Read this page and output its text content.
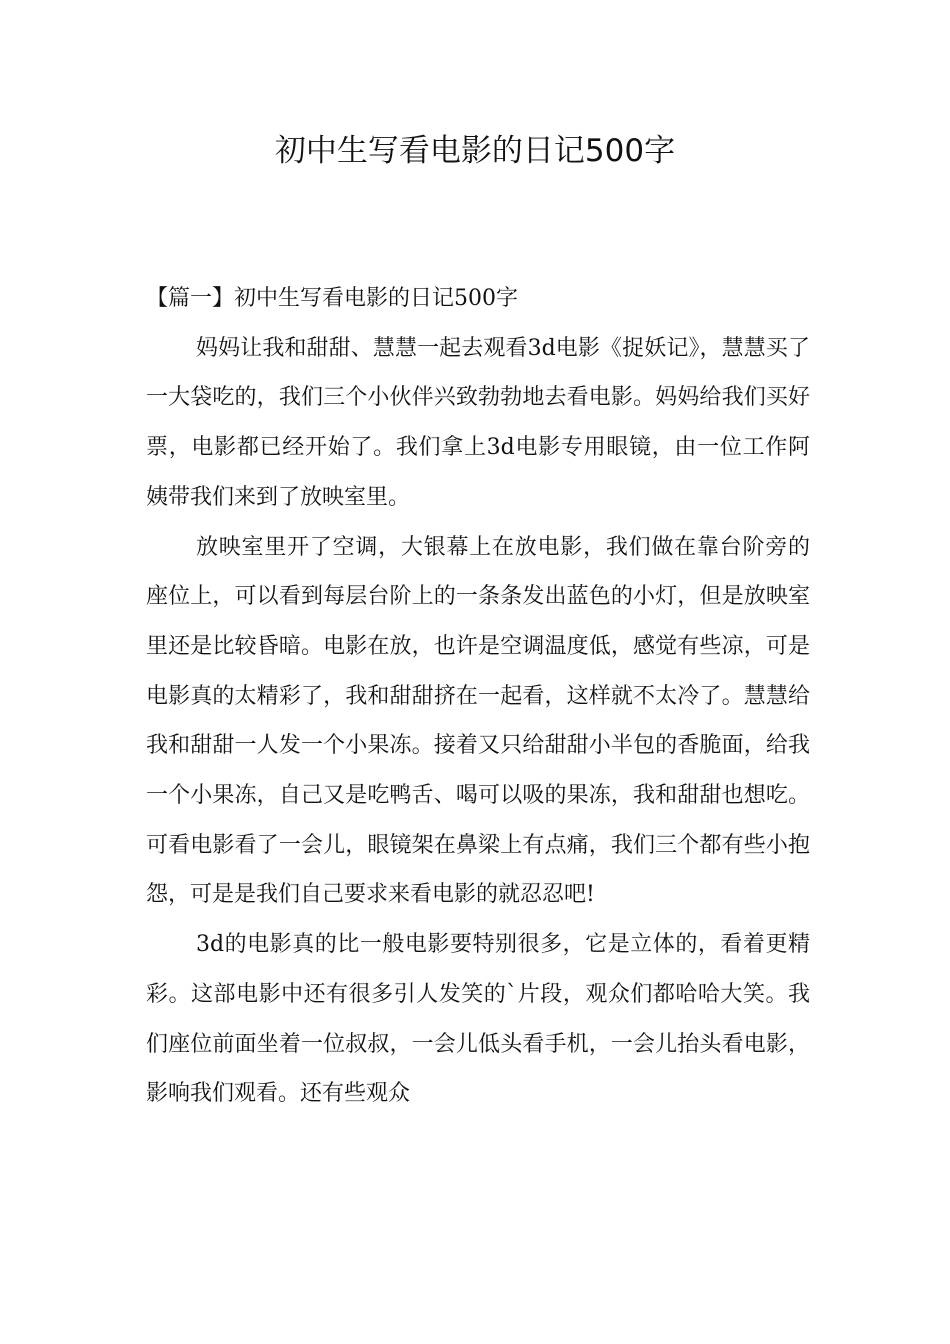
初中生写看电影的日记500字

【篇一】初中生写看电影的日记500字

妈妈让我和甜甜、慧慧一起去观看3d电影《捉妖记》，慧慧买了一大袋吃的，我们三个小伙伴兴致勃勃地去看电影。妈妈给我们买好票，电影都已经开始了。我们拿上3d电影专用眼镜，由一位工作阿姨带我们来到了放映室里。

放映室里开了空调，大银幕上在放电影，我们做在靠台阶旁的座位上，可以看到每层台阶上的一条条发出蓝色的小灯，但是放映室里还是比较昏暗。电影在放，也许是空调温度低，感觉有些凉，可是电影真的太精彩了，我和甜甜挤在一起看，这样就不太冷了。慧慧给我和甜甜一人发一个小果冻。接着又只给甜甜小半包的香脆面，给我一个小果冻，自己又是吃鸭舌、喝可以吸的果冻，我和甜甜也想吃。可看电影看了一会儿，眼镜架在鼻梁上有点痛，我们三个都有些小抱怨，可是是我们自己要求来看电影的就忍忍吧!

3d的电影真的比一般电影要特别很多，它是立体的，看着更精彩。这部电影中还有很多引人发笑的`片段，观众们都哈哈大笑。我们座位前面坐着一位叔叔，一会儿低头看手机，一会儿抬头看电影，影响我们观看。还有些观众
